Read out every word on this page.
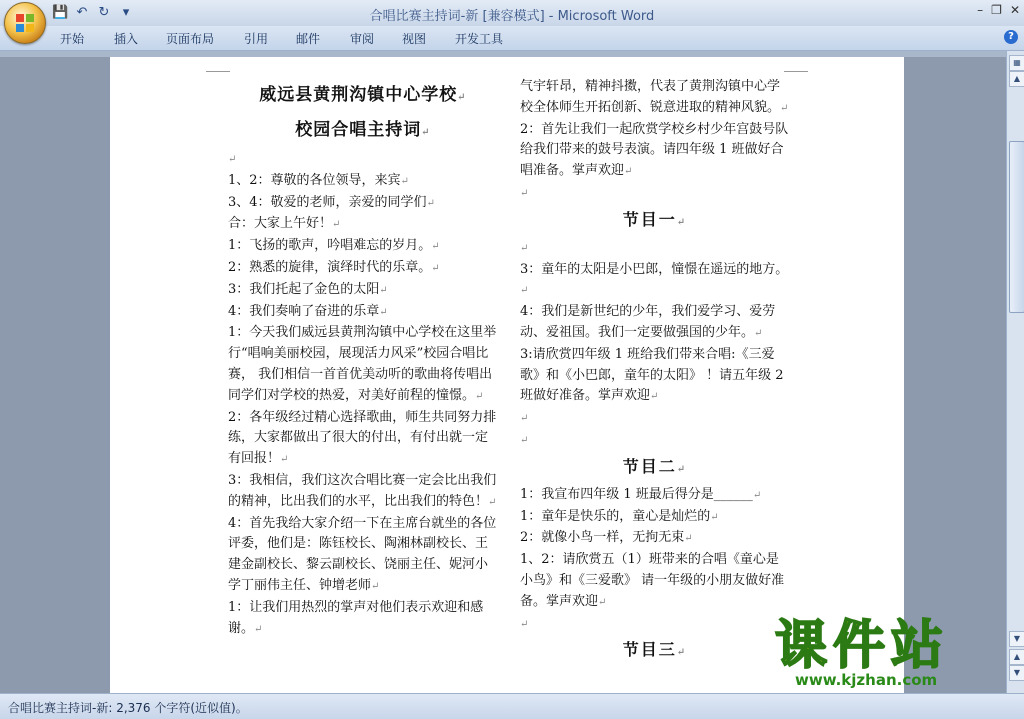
💾 ↶ ↻	▾	合唱比赛主持词-新 [兼容模式] - Microsoft Word	– ❐ ✕
?
开始 插入 页面布局 引用 邮件 审阅 视图 开发工具

威远县黄荆沟镇中心学校↵

校园合唱主持词↵

↵

1、2：尊敬的各位领导，来宾↵

3、4：敬爱的老师，亲爱的同学们↵

合：大家上午好！↵

1：飞扬的歌声，吟唱难忘的岁月。↵

2：熟悉的旋律，演绎时代的乐章。↵

3：我们托起了金色的太阳↵

4：我们奏响了奋进的乐章↵

1：今天我们威远县黄荆沟镇中心学校在这里举行“唱响美丽校园，展现活力风采”校园合唱比赛， 我们相信一首首优美动听的歌曲将传唱出同学们对学校的热爱，对美好前程的憧憬。↵

2：各年级经过精心选择歌曲，师生共同努力排练，大家都做出了很大的付出，有付出就一定有回报！↵

3：我相信，我们这次合唱比赛一定会比出我们的精神，比出我们的水平，比出我们的特色！↵

4：首先我给大家介绍一下在主席台就坐的各位评委，他们是：陈钰校长、陶湘林副校长、王建金副校长、黎云副校长、饶丽主任、妮河小学丁丽伟主任、钟增老师↵

1：让我们用热烈的掌声对他们表示欢迎和感谢。↵

气宇轩昂，精神抖擞，代表了黄荆沟镇中心学校全体师生开拓创新、锐意进取的精神风貌。↵

2：首先让我们一起欣赏学校乡村少年宫鼓号队给我们带来的鼓号表演。请四年级 1 班做好合唱准备。掌声欢迎↵

↵

节目一↵

↵

3：童年的太阳是小巴郎，憧憬在遥远的地方。↵

4：我们是新世纪的少年，我们爱学习、爱劳动、爱祖国。我们一定要做强国的少年。↵

3:请欣赏四年级 1 班给我们带来合唱:《三爱歌》和《小巴郎，童年的太阳》 ！请五年级 2 班做好准备。掌声欢迎↵

↵

↵

节目二↵

1：我宣布四年级 1 班最后得分是______↵

1：童年是快乐的，童心是灿烂的↵

2：就像小鸟一样，无拘无束↵

1、2：请欣赏五（1）班带来的合唱《童心是小鸟》和《三爱歌》 请一年级的小朋友做好准备。掌声欢迎↵

↵

节目三↵

▦
▲
▼
▲
▼
合唱比赛主持词-新: 2,376 个字符(近似值)。
课件站
www.kjzhan.com
